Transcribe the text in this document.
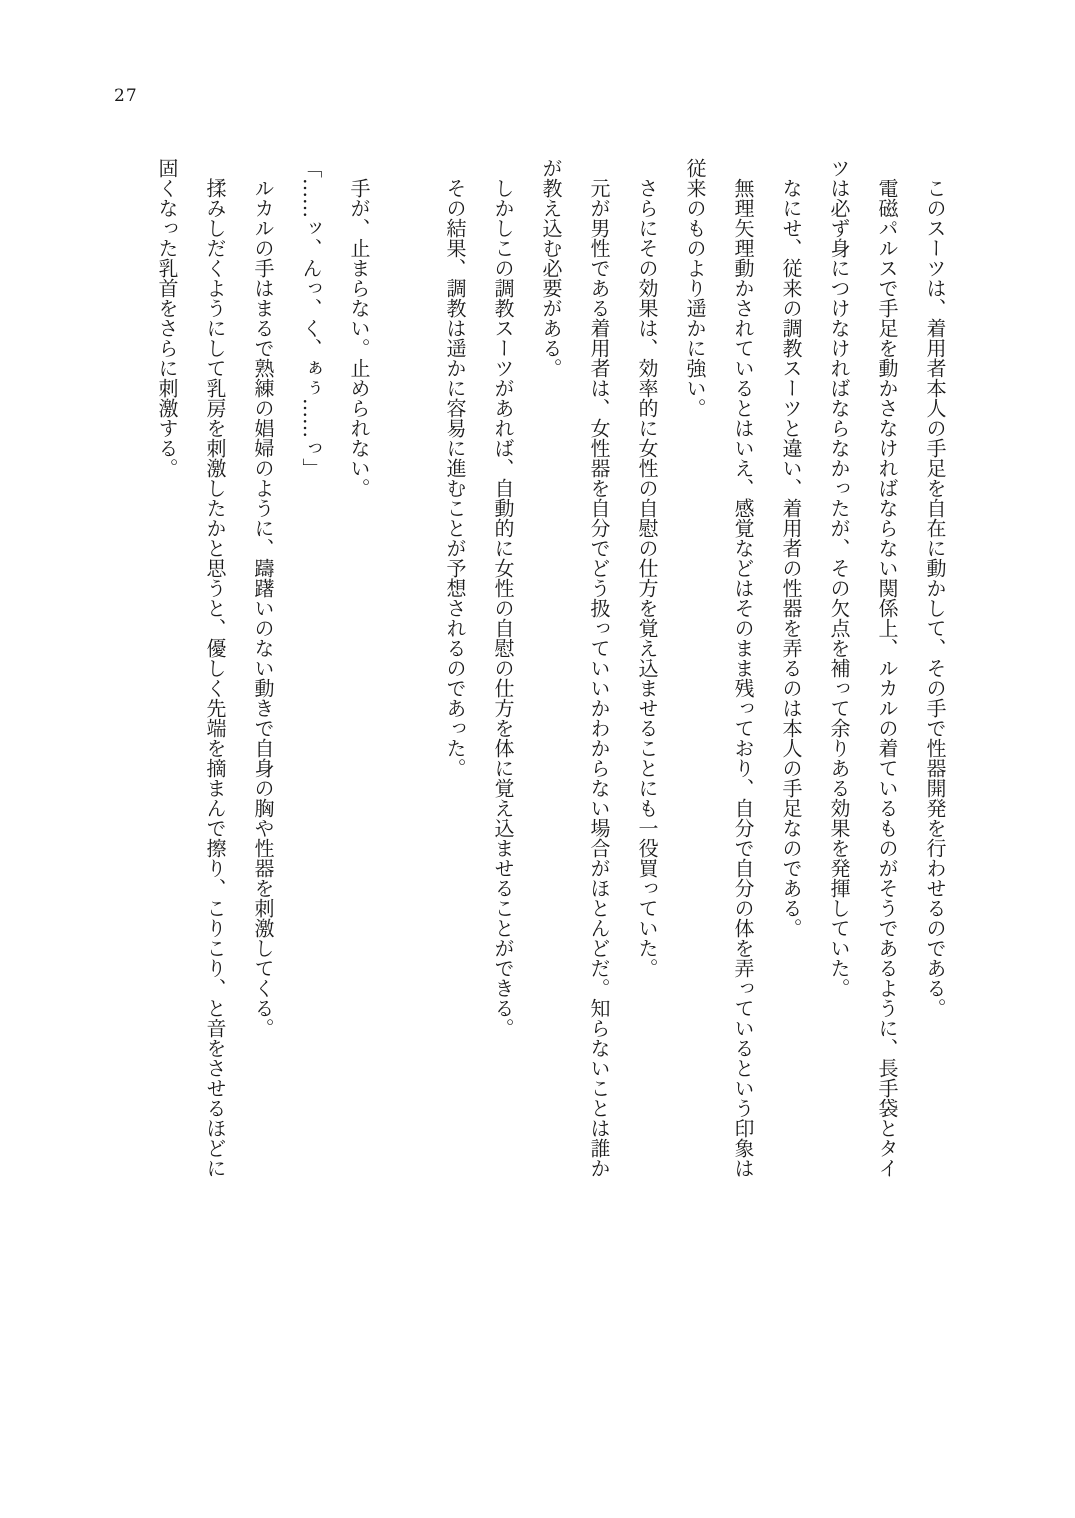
27
このスーツは、着用者本人の手足を自在に動かして、その手で性器開発を行わせるのである。
電磁パルスで手足を動かさなければならない関係上、ルカルの着ているものがそうであるように、長手袋とタイ
ツは必ず身につけなければならなかったが、その欠点を補って余りある効果を発揮していた。
なにせ、従来の調教スーツと違い、着用者の性器を弄るのは本人の手足なのである。
無理矢理動かされているとはいえ、感覚などはそのまま残っており、自分で自分の体を弄っているという印象は
従来のものより遥かに強い。
さらにその効果は、効率的に女性の自慰の仕方を覚え込ませることにも一役買っていた。
元が男性である着用者は、女性器を自分でどう扱っていいかわからない場合がほとんどだ。知らないことは誰か
が教え込む必要がある。
しかしこの調教スーツがあれば、自動的に女性の自慰の仕方を体に覚え込ませることができる。
その結果、調教は遥かに容易に進むことが予想されるのであった。

手が、止まらない。止められない。
「……ッ、んっ、く、ぁぅ……っ」
ルカルの手はまるで熟練の娼婦のように、躊躇いのない動きで自身の胸や性器を刺激してくる。
揉みしだくようにして乳房を刺激したかと思うと、優しく先端を摘まんで擦り、こりこり、と音をさせるほどに
固くなった乳首をさらに刺激する。
